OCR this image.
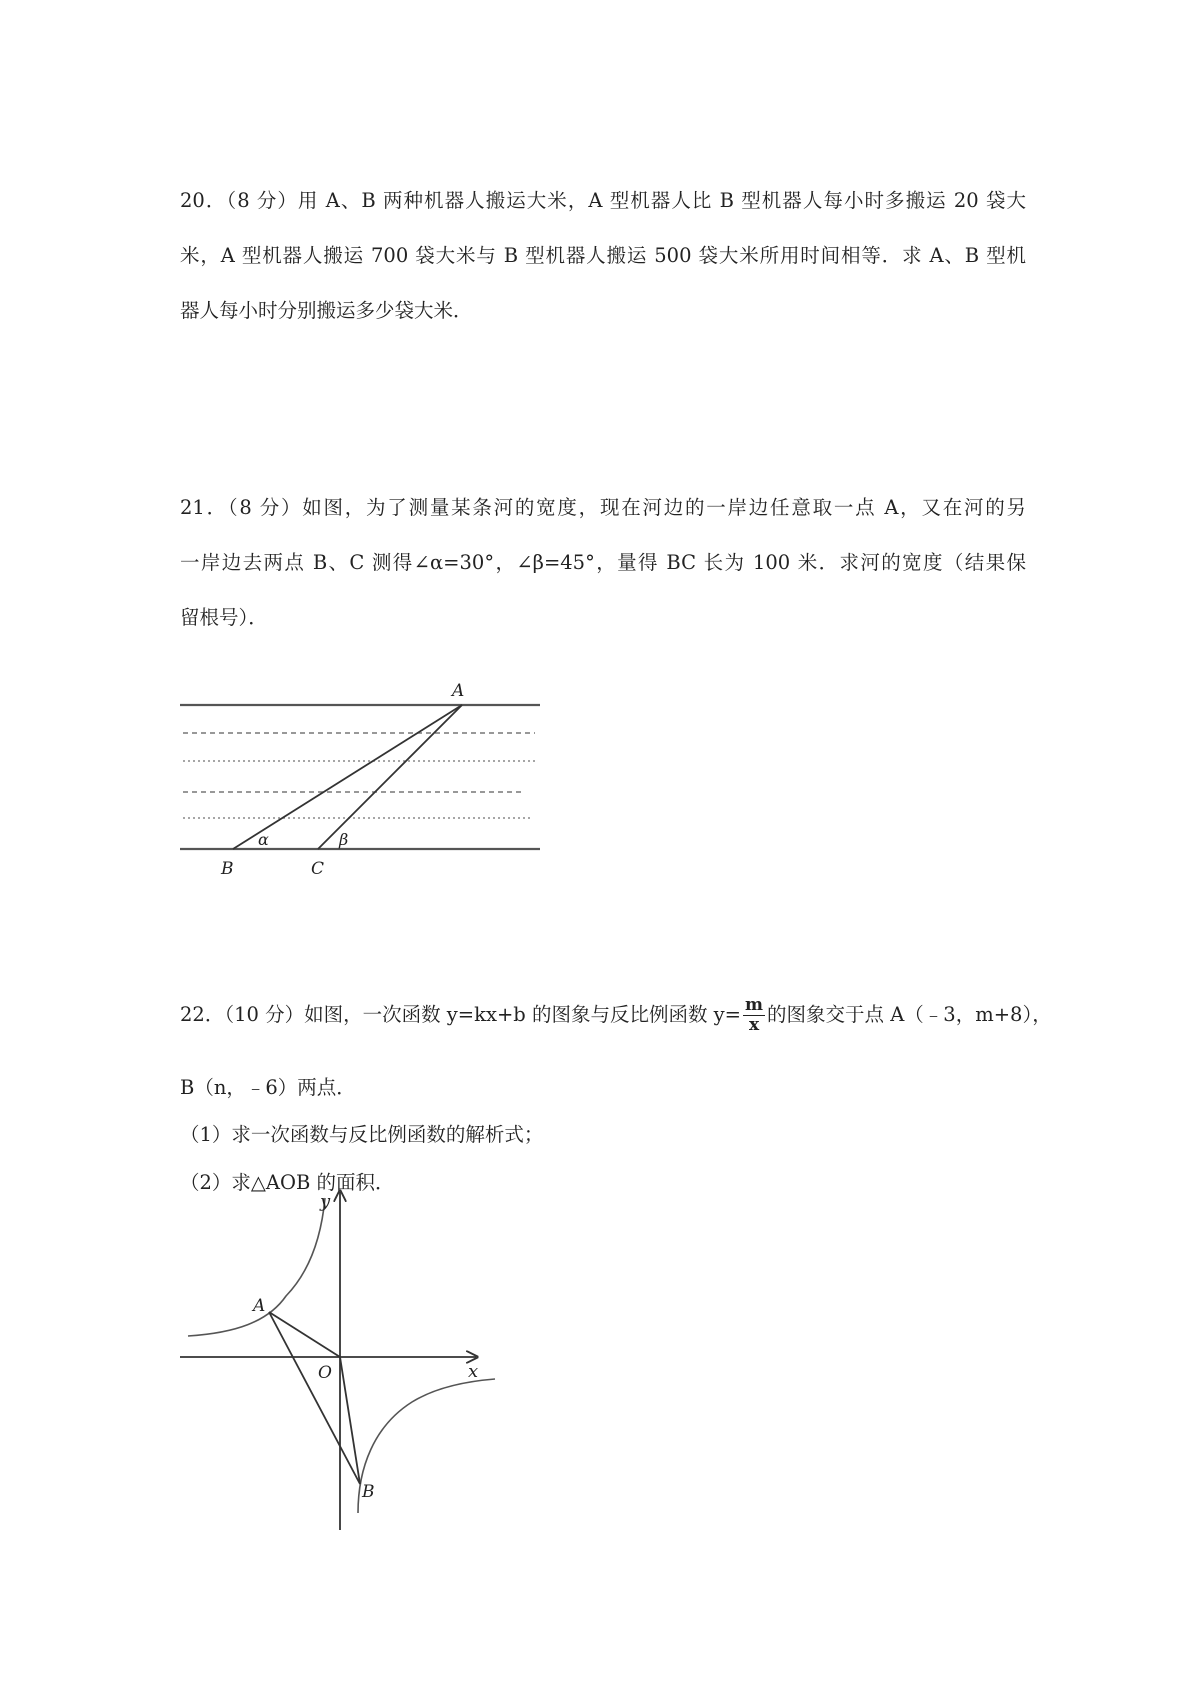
20．（8 分）用 A、B 两种机器人搬运大米，A 型机器人比 B 型机器人每小时多搬运 20 袋大
米，A 型机器人搬运 700 袋大米与 B 型机器人搬运 500 袋大米所用时间相等．求 A、B 型机
器人每小时分别搬运多少袋大米．
21．（8 分）如图，为了测量某条河的宽度，现在河边的一岸边任意取一点 A，又在河的另
一岸边去两点 B、C 测得∠α=30°，∠β=45°，量得 BC 长为 100 米．求河的宽度（结果保
留根号）．
A
B	C
α	β
22．（10 分）如图，一次函数 y=kx+b 的图象与反比例函数 $y= \frac{m}{x}$ 的图象交于点 A（﹣3，m+8），
B（n，﹣6）两点．
（1）求一次函数与反比例函数的解析式；
（2）求△AOB 的面积．
y
x
O
A
B
